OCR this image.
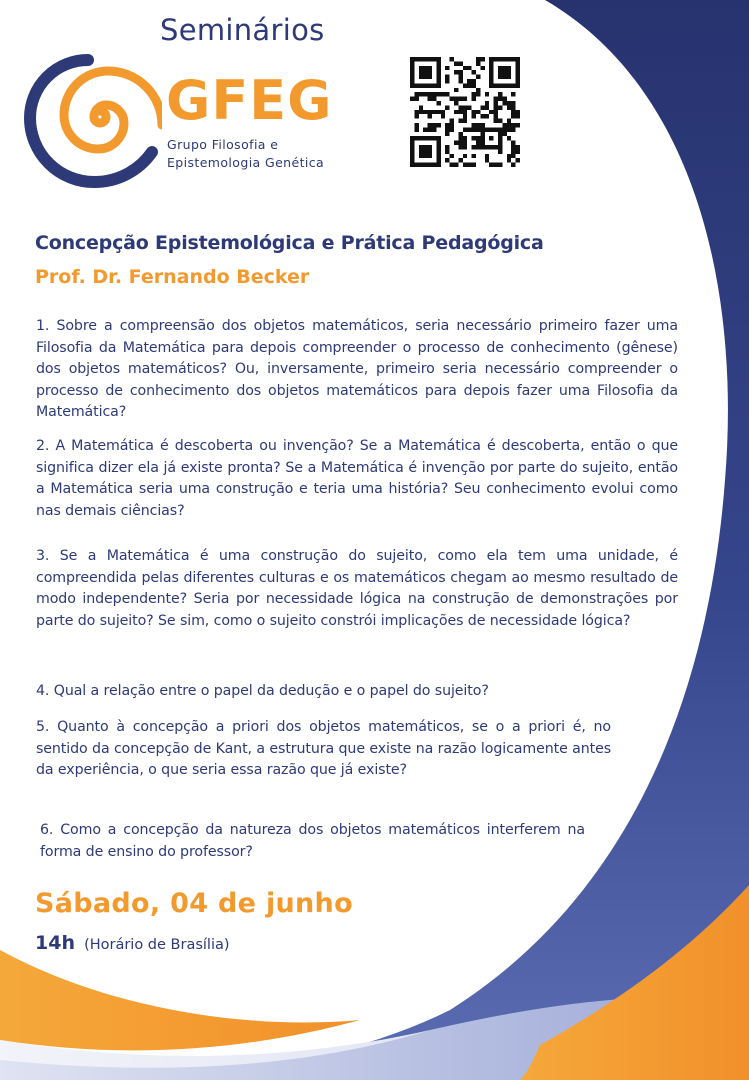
Seminários
GFEG
Grupo Filosofia e
Epistemologia Genética
Concepção Epistemológica e Prática Pedagógica
Prof. Dr. Fernando Becker
1. Sobre a compreensão dos objetos matemáticos, seria necessário primeiro fazer uma Filosofia da Matemática para depois compreender o processo de conhecimento (gênese) dos objetos matemáticos? Ou, inversamente, primeiro seria necessário compreender o processo de conhecimento dos objetos matemáticos para depois fazer uma Filosofia da Matemática?
2. A Matemática é descoberta ou invenção? Se a Matemática é descoberta, então o que significa dizer ela já existe pronta? Se a Matemática é invenção por parte do sujeito, então a Matemática seria uma construção e teria uma história? Seu conhecimento evolui como nas demais ciências?
3. Se a Matemática é uma construção do sujeito, como ela tem uma unidade, é compreendida pelas diferentes culturas e os matemáticos chegam ao mesmo resultado de modo independente? Seria por necessidade lógica na construção de demonstrações por parte do sujeito? Se sim, como o sujeito constrói implicações de necessidade lógica?
4. Qual a relação entre o papel da dedução e o papel do sujeito?
5. Quanto à concepção a priori dos objetos matemáticos, se o a priori é, no sentido da concepção de Kant, a estrutura que existe na razão logicamente antes da experiência, o que seria essa razão que já existe?
6. Como a concepção da natureza dos objetos matemáticos interferem na forma de ensino do professor?
Sábado, 04 de junho
14h (Horário de Brasília)
